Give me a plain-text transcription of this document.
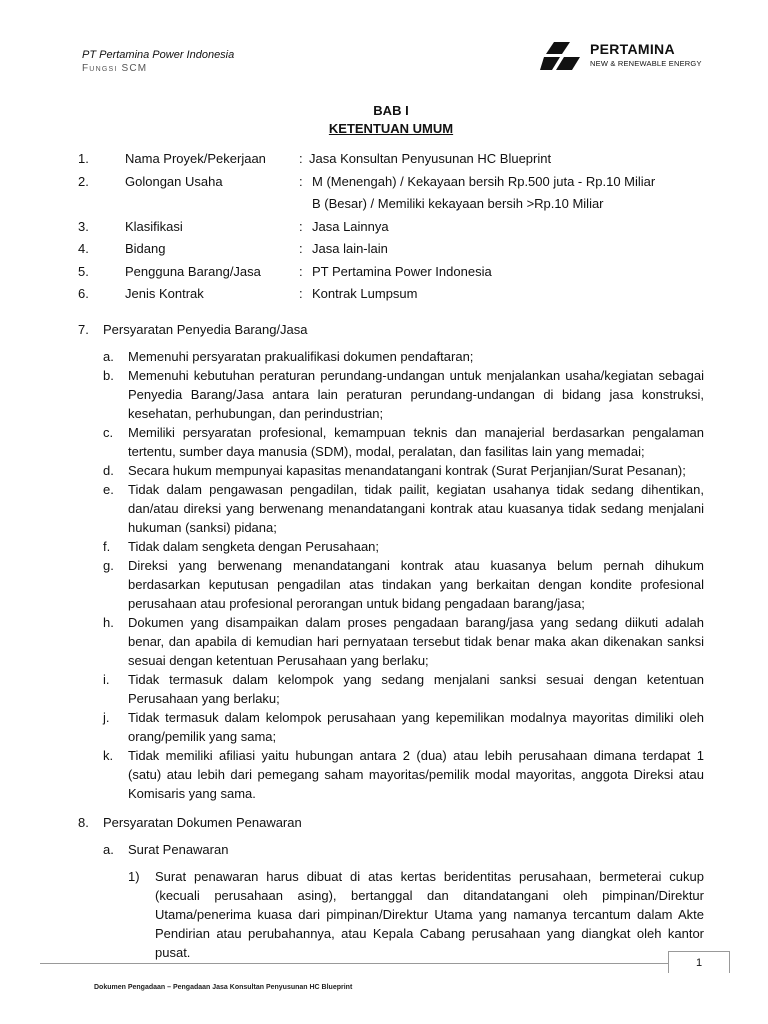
PT Pertamina Power Indonesia
Fungsi SCM
PERTAMINA
NEW & RENEWABLE ENERGY
BAB I
KETENTUAN UMUM
1.	Nama Proyek/Pekerjaan	:	Jasa Konsultan Penyusunan HC Blueprint
2.	Golongan Usaha	:	M (Menengah) / Kekayaan bersih Rp.500 juta - Rp.10 Miliar
B (Besar) / Memiliki kekayaan bersih >Rp.10 Miliar

3.	Klasifikasi	:	Jasa Lainnya
4.	Bidang	:	Jasa lain-lain
5.	Pengguna Barang/Jasa	:	PT Pertamina Power Indonesia
6.	Jenis Kontrak	:	Kontrak Lumpsum
7.	Persyaratan Penyedia Barang/Jasa
a.	Memenuhi persyaratan prakualifikasi dokumen pendaftaran;
b.	Memenuhi kebutuhan peraturan perundang-undangan untuk menjalankan usaha/kegiatan sebagai Penyedia Barang/Jasa antara lain peraturan perundang-undangan di bidang jasa konstruksi, kesehatan, perhubungan, dan perindustrian;
c.	Memiliki persyaratan profesional, kemampuan teknis dan manajerial berdasarkan pengalaman tertentu, sumber daya manusia (SDM), modal, peralatan, dan fasilitas lain yang memadai;
d.	Secara hukum mempunyai kapasitas menandatangani kontrak (Surat Perjanjian/Surat Pesanan);
e.	Tidak dalam pengawasan pengadilan, tidak pailit, kegiatan usahanya tidak sedang dihentikan, dan/atau direksi yang berwenang menandatangani kontrak atau kuasanya tidak sedang menjalani hukuman (sanksi) pidana;
f.	Tidak dalam sengketa dengan Perusahaan;
g.	Direksi yang berwenang menandatangani kontrak atau kuasanya belum pernah dihukum berdasarkan keputusan pengadilan atas tindakan yang berkaitan dengan kondite profesional perusahaan atau profesional perorangan untuk bidang pengadaan barang/jasa;
h.	Dokumen yang disampaikan dalam proses pengadaan barang/jasa yang sedang diikuti adalah benar, dan apabila di kemudian hari pernyataan tersebut tidak benar maka akan dikenakan sanksi sesuai dengan ketentuan Perusahaan yang berlaku;
i.	Tidak termasuk dalam kelompok yang sedang menjalani sanksi sesuai dengan ketentuan Perusahaan yang berlaku;
j.	Tidak termasuk dalam kelompok perusahaan yang kepemilikan modalnya mayoritas dimiliki oleh orang/pemilik yang sama;
k.	Tidak memiliki afiliasi yaitu hubungan antara 2 (dua) atau lebih perusahaan dimana terdapat 1 (satu) atau lebih dari pemegang saham mayoritas/pemilik modal mayoritas, anggota Direksi atau Komisaris yang sama.
8.	Persyaratan Dokumen Penawaran
a.	Surat Penawaran
1)	Surat penawaran harus dibuat di atas kertas beridentitas perusahaan, bermeterai cukup (kecuali perusahaan asing), bertanggal dan ditandatangani oleh pimpinan/Direktur Utama/penerima kuasa dari pimpinan/Direktur Utama yang namanya tercantum dalam Akte Pendirian atau perubahannya, atau Kepala Cabang perusahaan yang diangkat oleh kantor pusat.
1
Dokumen Pengadaan – Pengadaan Jasa Konsultan Penyusunan HC Blueprint
